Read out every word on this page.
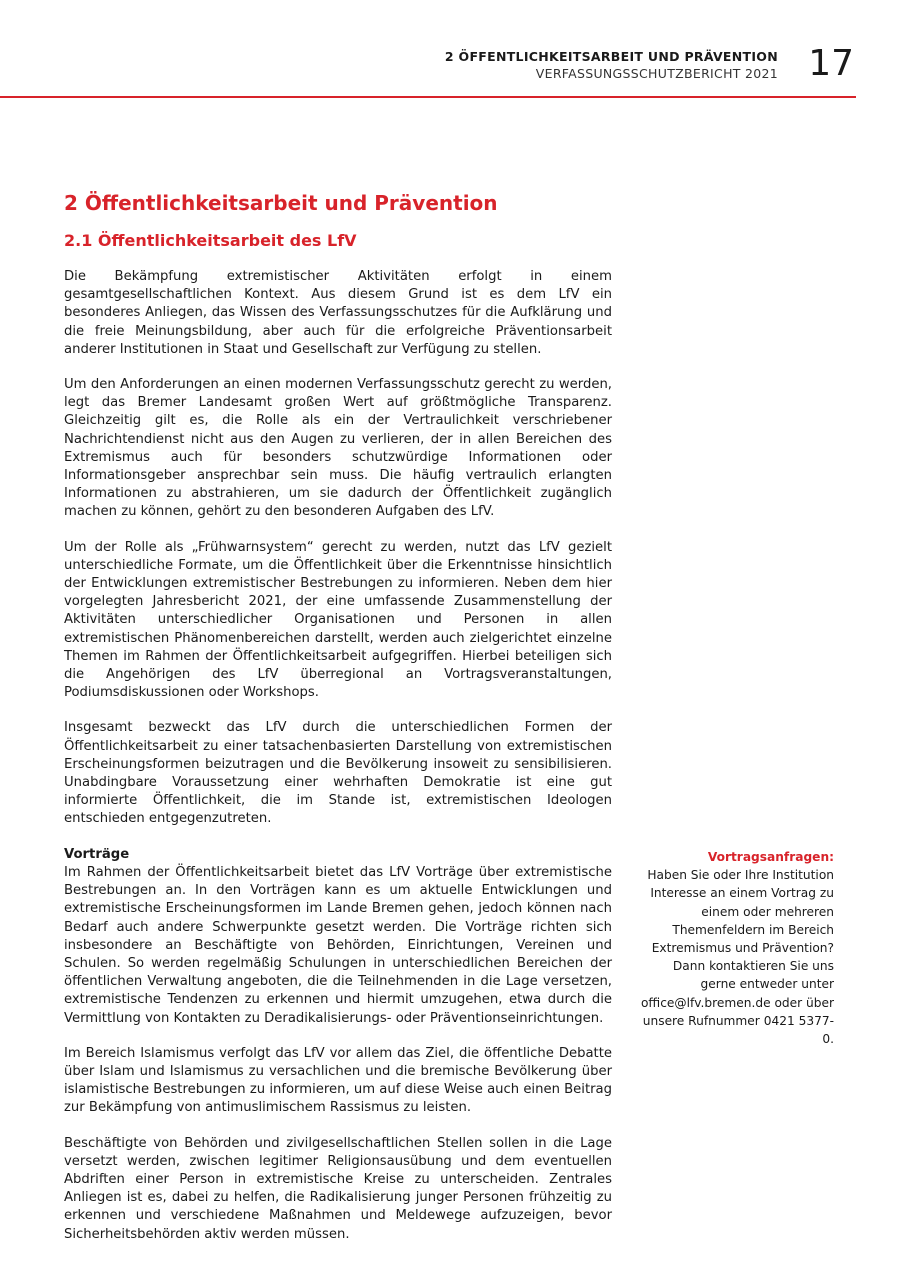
2 ÖFFENTLICHKEITSARBEIT UND PRÄVENTION
VERFASSUNGSSCHUTZBERICHT 2021 17
2 Öffentlichkeitsarbeit und Prävention
2.1 Öffentlichkeitsarbeit des LfV

Die Bekämpfung extremistischer Aktivitäten erfolgt in einem gesamtgesellschaftlichen Kontext. Aus diesem Grund ist es dem LfV ein besonderes Anliegen, das Wissen des Verfassungsschutzes für die Aufklärung und die freie Meinungsbildung, aber auch für die erfolgreiche Präventionsarbeit anderer Institutionen in Staat und Gesellschaft zur Verfügung zu stellen.

Um den Anforderungen an einen modernen Verfassungsschutz gerecht zu werden, legt das Bremer Landesamt großen Wert auf größtmögliche Transparenz. Gleichzeitig gilt es, die Rolle als ein der Vertraulichkeit verschriebener Nachrichtendienst nicht aus den Augen zu verlieren, der in allen Bereichen des Extremismus auch für besonders schutzwürdige Informationen oder Informationsgeber ansprechbar sein muss. Die häufig vertraulich erlangten Informationen zu abstrahieren, um sie dadurch der Öffentlichkeit zugänglich machen zu können, gehört zu den besonderen Aufgaben des LfV.

Um der Rolle als „Frühwarnsystem“ gerecht zu werden, nutzt das LfV gezielt unterschiedliche Formate, um die Öffentlichkeit über die Erkenntnisse hinsichtlich der Entwicklungen extremistischer Bestrebungen zu informieren. Neben dem hier vorgelegten Jahresbericht 2021, der eine umfassende Zusammenstellung der Aktivitäten unterschiedlicher Organisationen und Personen in allen extremistischen Phänomenbereichen darstellt, werden auch zielgerichtet einzelne Themen im Rahmen der Öffentlichkeitsarbeit aufgegriffen. Hierbei beteiligen sich die Angehörigen des LfV überregional an Vortragsveranstaltungen, Podiumsdiskussionen oder Workshops.

Insgesamt bezweckt das LfV durch die unterschiedlichen Formen der Öffentlichkeitsarbeit zu einer tatsachenbasierten Darstellung von extremistischen Erscheinungsformen beizutragen und die Bevölkerung insoweit zu sensibilisieren. Unabdingbare Voraussetzung einer wehrhaften Demokratie ist eine gut informierte Öffentlichkeit, die im Stande ist, extremistischen Ideologen entschieden entgegenzutreten.

Vorträge

Im Rahmen der Öffentlichkeitsarbeit bietet das LfV Vorträge über extremistische Bestrebungen an. In den Vorträgen kann es um aktuelle Entwicklungen und extremistische Erscheinungsformen im Lande Bremen gehen, jedoch können nach Bedarf auch andere Schwerpunkte gesetzt werden. Die Vorträge richten sich insbesondere an Beschäftigte von Behörden, Einrichtungen, Vereinen und Schulen. So werden regelmäßig Schulungen in unterschiedlichen Bereichen der öffentlichen Verwaltung angeboten, die die Teilnehmenden in die Lage versetzen, extremistische Tendenzen zu erkennen und hiermit umzugehen, etwa durch die Vermittlung von Kontakten zu Deradikalisierungs- oder Präventionseinrichtungen.

Im Bereich Islamismus verfolgt das LfV vor allem das Ziel, die öffentliche Debatte über Islam und Islamismus zu versachlichen und die bremische Bevölkerung über islamistische Bestrebungen zu informieren, um auf diese Weise auch einen Beitrag zur Bekämpfung von antimuslimischem Rassismus zu leisten.

Beschäftigte von Behörden und zivilgesellschaftlichen Stellen sollen in die Lage versetzt werden, zwischen legitimer Religionsausübung und dem eventuellen Abdriften einer Person in extremistische Kreise zu unterscheiden. Zentrales Anliegen ist es, dabei zu helfen, die Radikalisierung junger Personen frühzeitig zu erkennen und verschiedene Maßnahmen und Meldewege aufzuzeigen, bevor Sicherheitsbehörden aktiv werden müssen.

Vortragsanfragen:
Haben Sie oder Ihre Institution Interesse an einem Vortrag zu einem oder mehreren Themenfeldern im Bereich Extremismus und Prävention? Dann kontaktieren Sie uns gerne entweder unter office@lfv.bremen.de oder über unsere Rufnummer 0421 5377-0.
